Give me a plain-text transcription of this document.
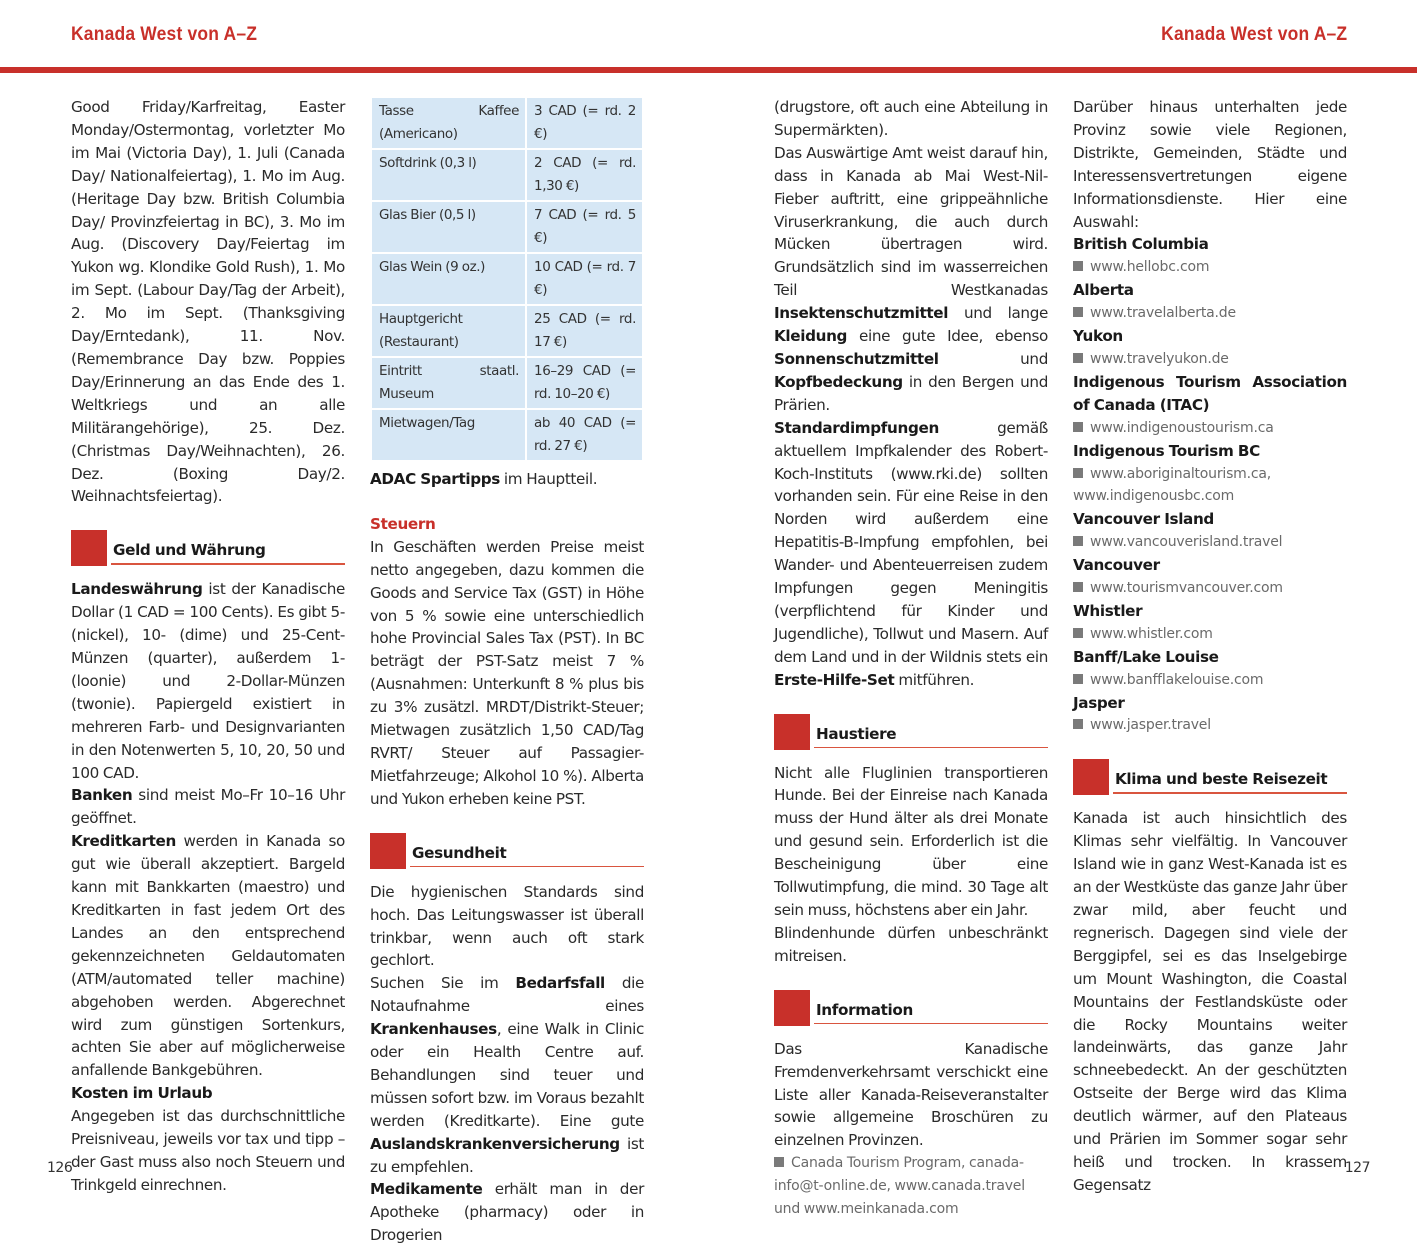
Kanada West von A–Z	Kanada West von A–Z

Good Friday/Karfreitag, Easter Monday/Ostermontag, vorletzter Mo im Mai (Victoria Day), 1. Juli (Canada Day/ Nationalfeiertag), 1. Mo im Aug. (Heritage Day bzw. British Columbia Day/ Provinzfeiertag in BC), 3. Mo im Aug. (Discovery Day/Feiertag im Yukon wg. Klondike Gold Rush), 1. Mo im Sept. (Labour Day/Tag der Arbeit), 2. Mo im Sept. (Thanksgiving Day/Erntedank), 11. Nov. (Remembrance Day bzw. Poppies Day/Erinnerung an das Ende des 1. Weltkriegs und an alle Militärangehörige), 25. Dez. (Christmas Day/Weihnachten), 26. Dez. (Boxing Day/2. Weihnachtsfeiertag).

Geld und Währung

Landeswährung ist der Kanadische Dollar (1 CAD = 100 Cents). Es gibt 5- (nickel), 10- (dime) und 25-Cent-Münzen (quarter), außerdem 1- (loonie) und 2-Dollar-Münzen (twonie). Papiergeld existiert in mehreren Farb- und Designvarianten in den Notenwerten 5, 10, 20, 50 und 100 CAD.

Banken sind meist Mo–Fr 10–16 Uhr geöffnet.

Kreditkarten werden in Kanada so gut wie überall akzeptiert. Bargeld kann mit Bankkarten (maestro) und Kreditkarten in fast jedem Ort des Landes an den entsprechend gekennzeichneten Geldautomaten (ATM/automated teller machine) abgehoben werden. Abgerechnet wird zum günstigen Sortenkurs, achten Sie aber auf möglicherweise anfallende Bankgebühren.

Kosten im Urlaub

Angegeben ist das durchschnittliche Preisniveau, jeweils vor tax und tipp – der Gast muss also noch Steuern und Trinkgeld einrechnen.

Tasse Kaffee (Americano)	3 CAD (= rd. 2 €)
Softdrink (0,3 l)	2 CAD (= rd. 1,30 €)
Glas Bier (0,5 l)	7 CAD (= rd. 5 €)
Glas Wein (9 oz.)	10 CAD (= rd. 7 €)
Hauptgericht (Restaurant)	25 CAD (= rd. 17 €)
Eintritt staatl. Museum	16–29 CAD (= rd. 10–20 €)
Mietwagen/Tag	ab 40 CAD (= rd. 27 €)

ADAC Spartipps im Hauptteil.

Steuern

In Geschäften werden Preise meist netto angegeben, dazu kommen die Goods and Service Tax (GST) in Höhe von 5 % sowie eine unterschiedlich hohe Provincial Sales Tax (PST). In BC beträgt der PST-Satz meist 7 % (Ausnahmen: Unterkunft 8 % plus bis zu 3% zusätzl. MRDT/Distrikt-Steuer; Mietwagen zusätzlich 1,50 CAD/Tag RVRT/ Steuer auf Passagier-Mietfahrzeuge; Alkohol 10 %). Alberta und Yukon erheben keine PST.

Gesundheit

Die hygienischen Standards sind hoch. Das Leitungswasser ist überall trinkbar, wenn auch oft stark gechlort.

Suchen Sie im Bedarfsfall die Notaufnahme eines Krankenhauses, eine Walk in Clinic oder ein Health Centre auf. Behandlungen sind teuer und müssen sofort bzw. im Voraus bezahlt werden (Kreditkarte). Eine gute Auslandskrankenversicherung ist zu empfehlen.

Medikamente erhält man in der Apotheke (pharmacy) oder in Drogerien

(drugstore, oft auch eine Abteilung in Supermärkten).

Das Auswärtige Amt weist darauf hin, dass in Kanada ab Mai West-Nil-Fieber auftritt, eine grippeähnliche Viruserkrankung, die auch durch Mücken übertragen wird. Grundsätzlich sind im wasserreichen Teil Westkanadas Insektenschutzmittel und lange Kleidung eine gute Idee, ebenso Sonnenschutzmittel und Kopfbedeckung in den Bergen und Prärien.

Standardimpfungen gemäß aktuellem Impfkalender des Robert-Koch-Instituts (www.rki.de) sollten vorhanden sein. Für eine Reise in den Norden wird außerdem eine Hepatitis-B-Impfung empfohlen, bei Wander- und Abenteuerreisen zudem Impfungen gegen Meningitis (verpflichtend für Kinder und Jugendliche), Tollwut und Masern. Auf dem Land und in der Wildnis stets ein Erste-Hilfe-Set mitführen.

Haustiere

Nicht alle Fluglinien transportieren Hunde. Bei der Einreise nach Kanada muss der Hund älter als drei Monate und gesund sein. Erforderlich ist die Bescheinigung über eine Tollwutimpfung, die mind. 30 Tage alt sein muss, höchstens aber ein Jahr.

Blindenhunde dürfen unbeschränkt mitreisen.

Information

Das Kanadische Fremdenverkehrsamt verschickt eine Liste aller Kanada-Reiseveranstalter sowie allgemeine Broschüren zu einzelnen Provinzen.

Canada Tourism Program, canada-info@t-online.de, www.canada.travel und www.meinkanada.com

Darüber hinaus unterhalten jede Provinz sowie viele Regionen, Distrikte, Gemeinden, Städte und Interessensvertretungen eigene Informationsdienste. Hier eine Auswahl:

British Columbia

www.hellobc.com

Alberta

www.travelalberta.de

Yukon

www.travelyukon.de

Indigenous Tourism Association of Canada (ITAC)

www.indigenoustourism.ca

Indigenous Tourism BC

www.aboriginaltourism.ca, www.indigenousbc.com

Vancouver Island

www.vancouverisland.travel

Vancouver

www.tourismvancouver.com

Whistler

www.whistler.com

Banff/Lake Louise

www.banfflakelouise.com

Jasper

www.jasper.travel

Klima und beste Reisezeit

Kanada ist auch hinsichtlich des Klimas sehr vielfältig. In Vancouver Island wie in ganz West-Kanada ist es an der Westküste das ganze Jahr über zwar mild, aber feucht und regnerisch. Dagegen sind viele der Berggipfel, sei es das Inselgebirge um Mount Washington, die Coastal Mountains der Festlandsküste oder die Rocky Mountains weiter landeinwärts, das ganze Jahr schneebedeckt. An der geschützten Ostseite der Berge wird das Klima deutlich wärmer, auf den Plateaus und Prärien im Sommer sogar sehr heiß und trocken. In krassem Gegensatz

126	127
